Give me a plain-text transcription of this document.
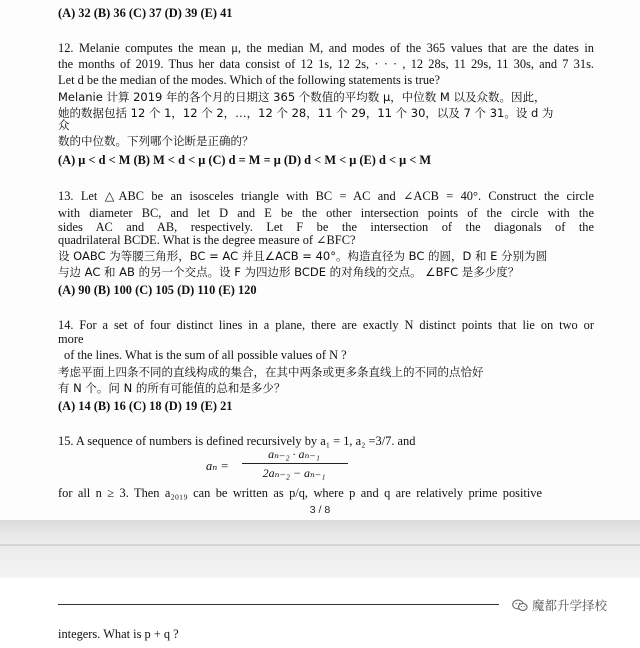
(A) 32 (B) 36 (C) 37 (D) 39 (E) 41
12. Melanie computes the mean μ, the median M, and modes of the 365 values that are the dates in
the months of 2019. Thus her data consist of 12 1s, 12 2s, · · · , 12 28s, 11 29s, 11 30s, and 7 31s.
Let d be the median of the modes. Which of the following statements is true?
Melanie 计算 2019 年的各个月的日期这 365 个数值的平均数 μ，中位数 M 以及众数。因此，
她的数据包括 12 个 1，12 个 2，…，12 个 28，11 个 29，11 个 30，以及 7 个 31。设 d 为
众
数的中位数。下列哪个论断是正确的？
(A) μ < d < M (B) M < d < μ (C) d = M = μ (D) d < M < μ (E) d < μ < M
13. Let △ABC be an isosceles triangle with BC = AC and ∠ACB = 40°. Construct the circle
with diameter BC, and let D and E be the other intersection points of the circle with the
sides AC and AB, respectively. Let F be the intersection of the diagonals of the
quadrilateral BCDE. What is the degree measure of ∠BFC?
设 OABC 为等腰三角形，BC = AC 并且∠ACB = 40°。构造直径为 BC 的圆，D 和 E 分别为圆
与边 AC 和 AB 的另一个交点。设 F 为四边形 BCDE 的对角线的交点。 ∠BFC 是多少度？
(A) 90 (B) 100 (C) 105 (D) 110 (E) 120
14. For a set of four distinct lines in a plane, there are exactly N distinct points that lie on two or
more
of the lines. What is the sum of all possible values of N ?
考虑平面上四条不同的直线构成的集合，在其中两条或更多条直线上的不同的点恰好
有 N 个。问 N 的所有可能值的总和是多少？
(A) 14 (B) 16 (C) 18 (D) 19 (E) 21
15. A sequence of numbers is defined recursively by a₁ = 1, a₂ =3/7. and
aₙ =
aₙ₋₂ · aₙ₋₁
2aₙ₋₂ − aₙ₋₁
for all n ≥ 3. Then a₂₀₁₉ can be written as p/q, where p and q are relatively prime positive
3 / 8
魔都升学择校
integers. What is p + q ?
